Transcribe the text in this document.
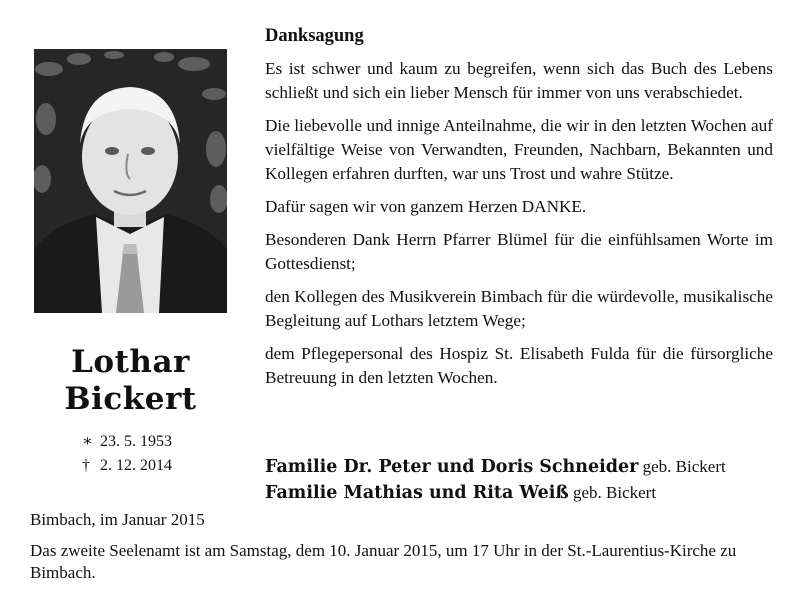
Lothar
Bickert
∗ 23. 5. 1953
† 2. 12. 2014
Danksagung

Es ist schwer und kaum zu begreifen, wenn sich das Buch des Lebens schließt und sich ein lieber Mensch für immer von uns verabschiedet.

Die liebevolle und innige Anteilnahme, die wir in den letzten Wochen auf vielfältige Weise von Verwandten, Freunden, Nachbarn, Bekannten und Kollegen erfahren durften, war uns Trost und wahre Stütze.

Dafür sagen wir von ganzem Herzen DANKE.

Besonderen Dank Herrn Pfarrer Blümel für die einfühlsamen Worte im Gottesdienst;

den Kollegen des Musikverein Bimbach für die würdevolle, musikalische Begleitung auf Lothars letztem Wege;

dem Pflegepersonal des Hospiz St. Elisabeth Fulda für die fürsorgliche Betreuung in den letzten Wochen.

Familie Dr. Peter und Doris Schneider geb. Bickert
Familie Mathias und Rita Weiß geb. Bickert
Bimbach, im Januar 2015
Das zweite Seelenamt ist am Samstag, dem 10. Januar 2015, um 17 Uhr in der St.-Laurentius-Kirche zu Bimbach.
